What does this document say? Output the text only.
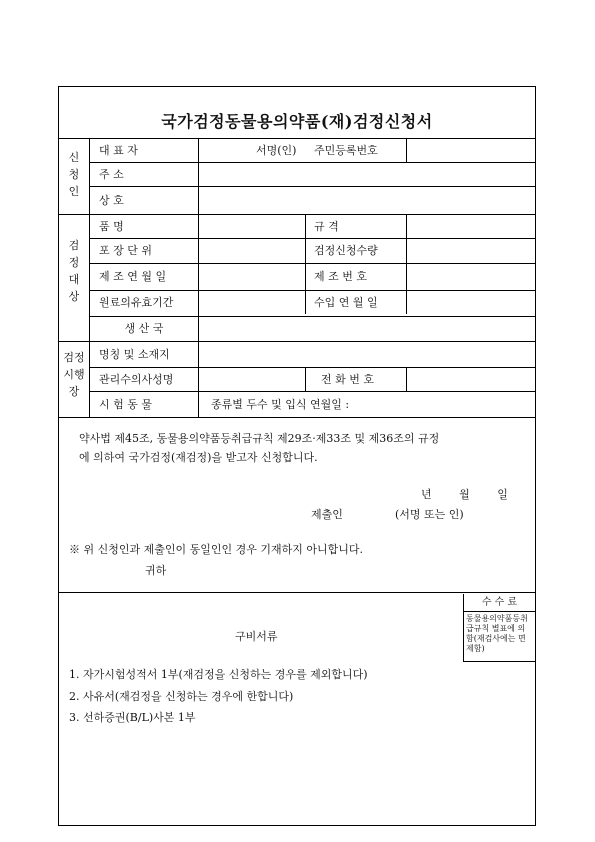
국가검정동물용의약품(재)검정신청서
신
청
인
대 표 자	서명(인) 주민등록번호
주 소
상 호
검
정
대
상
품 명	규 격
포 장 단 위	검정신청수량
제 조 연 월 일	제 조 번 호
원료의유효기간	수입 연 월 일
생 산 국
검정
시행
장
명칭 및 소재지
관리수의사성명	전 화 번 호
시 험 동 물	종류별 두수 및 입식 연월일 :
약사법 제45조, 동물용의약품등취급규칙 제29조·제33조 및 제36조의 규정
에 의하여 국가검정(재검정)을 받고자 신청합니다.
년 월 일
제출인	(서명 또는 인)
※ 위 신청인과 제출인이 동일인인 경우 기재하지 아니합니다.
귀하
수 수 료
동물용의약품등취급규칙 별표에 의함(재검사에는 면제함)
구비서류
1. 자가시험성적서 1부(재검정을 신청하는 경우를 제외합니다)
2. 사유서(재검정을 신청하는 경우에 한합니다)
3. 선하증권(B/L)사본 1부
